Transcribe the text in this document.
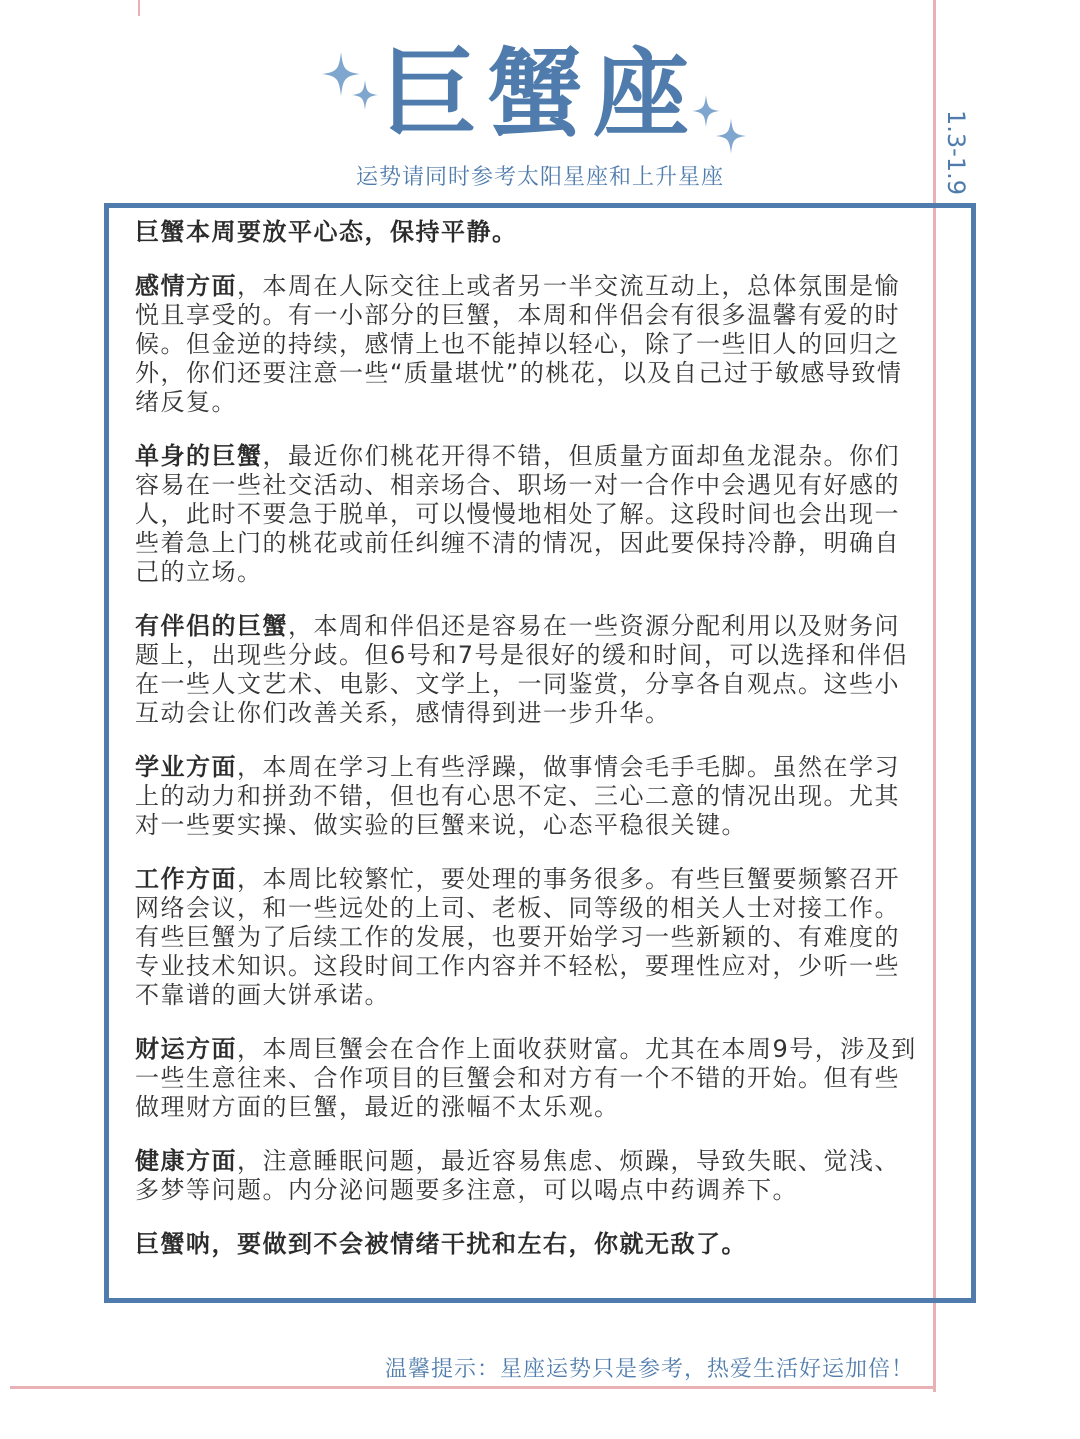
巨蟹座
运势请同时参考太阳星座和上升星座	1.3-1.9

巨蟹本周要放平心态，保持平静。

感情方面，本周在人际交往上或者另一半交流互动上，总体氛围是愉悦且享受的。有一小部分的巨蟹，本周和伴侣会有很多温馨有爱的时候。但金逆的持续，感情上也不能掉以轻心，除了一些旧人的回归之外，你们还要注意一些“质量堪忧”的桃花，以及自己过于敏感导致情绪反复。

单身的巨蟹，最近你们桃花开得不错，但质量方面却鱼龙混杂。你们容易在一些社交活动、相亲场合、职场一对一合作中会遇见有好感的人，此时不要急于脱单，可以慢慢地相处了解。这段时间也会出现一些着急上门的桃花或前任纠缠不清的情况，因此要保持冷静，明确自己的立场。

有伴侣的巨蟹，本周和伴侣还是容易在一些资源分配利用以及财务问题上，出现些分歧。但6号和7号是很好的缓和时间，可以选择和伴侣在一些人文艺术、电影、文学上，一同鉴赏，分享各自观点。这些小互动会让你们改善关系，感情得到进一步升华。

学业方面，本周在学习上有些浮躁，做事情会毛手毛脚。虽然在学习上的动力和拼劲不错，但也有心思不定、三心二意的情况出现。尤其对一些要实操、做实验的巨蟹来说，心态平稳很关键。

工作方面，本周比较繁忙，要处理的事务很多。有些巨蟹要频繁召开网络会议，和一些远处的上司、老板、同等级的相关人士对接工作。有些巨蟹为了后续工作的发展，也要开始学习一些新颖的、有难度的专业技术知识。这段时间工作内容并不轻松，要理性应对，少听一些不靠谱的画大饼承诺。

财运方面，本周巨蟹会在合作上面收获财富。尤其在本周9号，涉及到一些生意往来、合作项目的巨蟹会和对方有一个不错的开始。但有些做理财方面的巨蟹，最近的涨幅不太乐观。

健康方面，注意睡眠问题，最近容易焦虑、烦躁，导致失眠、觉浅、多梦等问题。内分泌问题要多注意，可以喝点中药调养下。

巨蟹呐，要做到不会被情绪干扰和左右，你就无敌了。

温馨提示：星座运势只是参考，热爱生活好运加倍！
